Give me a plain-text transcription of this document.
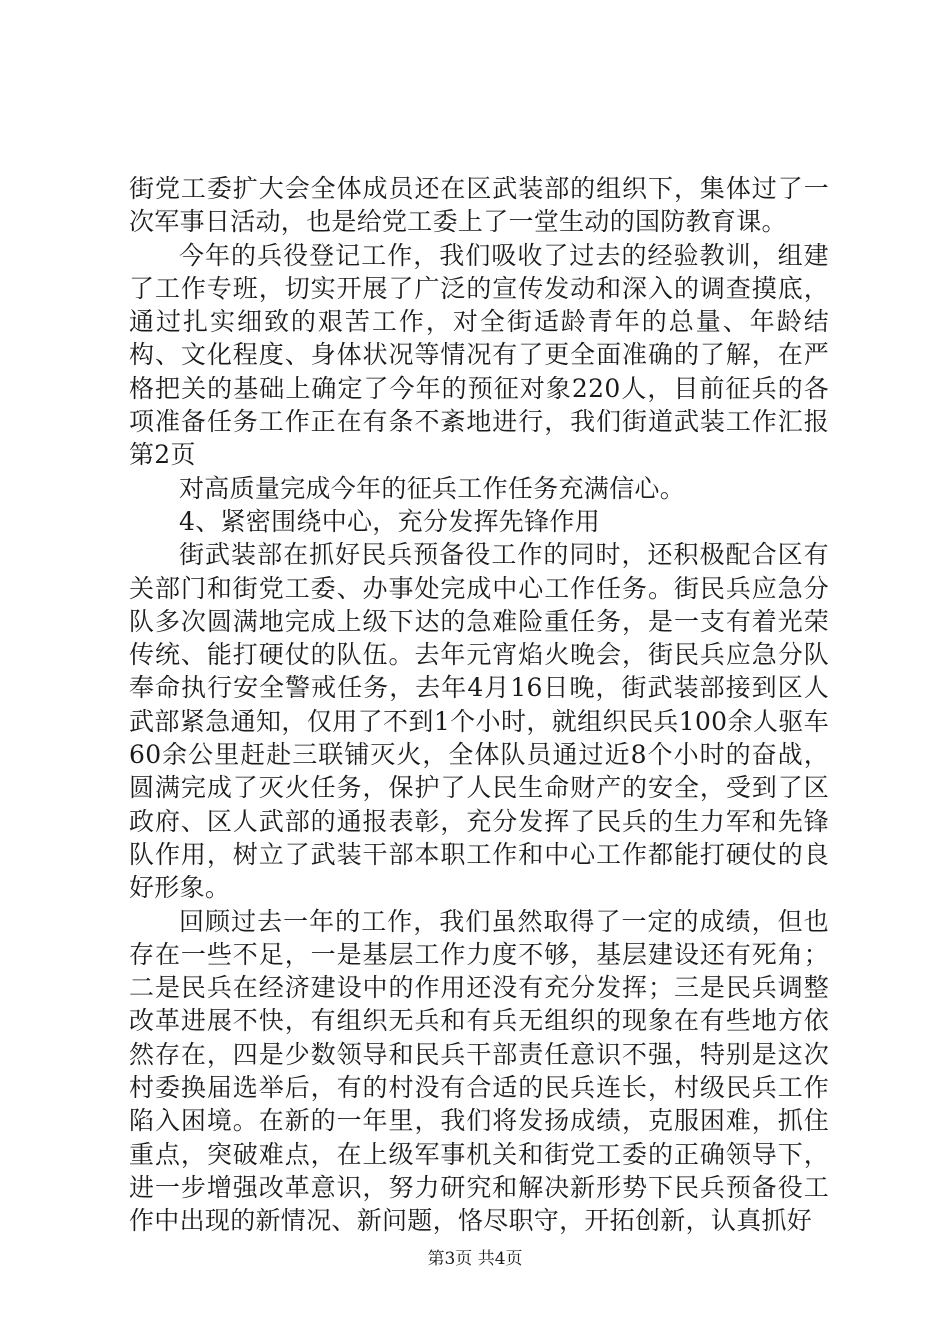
街党工委扩大会全体成员还在区武装部的组织下，集体过了一次军事日活动，也是给党工委上了一堂生动的国防教育课。

今年的兵役登记工作，我们吸收了过去的经验教训，组建了工作专班，切实开展了广泛的宣传发动和深入的调查摸底，通过扎实细致的艰苦工作，对全街适龄青年的总量、年龄结构、文化程度、身体状况等情况有了更全面准确的了解，在严格把关的基础上确定了今年的预征对象220人，目前征兵的各项准备任务工作正在有条不紊地进行，我们街道武装工作汇报第2页

对高质量完成今年的征兵工作任务充满信心。

4、紧密围绕中心，充分发挥先锋作用

街武装部在抓好民兵预备役工作的同时，还积极配合区有关部门和街党工委、办事处完成中心工作任务。街民兵应急分队多次圆满地完成上级下达的急难险重任务，是一支有着光荣传统、能打硬仗的队伍。去年元宵焰火晚会，街民兵应急分队奉命执行安全警戒任务，去年4月16日晚，街武装部接到区人武部紧急通知，仅用了不到1个小时，就组织民兵100余人驱车60余公里赶赴三联铺灭火，全体队员通过近8个小时的奋战，圆满完成了灭火任务，保护了人民生命财产的安全，受到了区政府、区人武部的通报表彰，充分发挥了民兵的生力军和先锋队作用，树立了武装干部本职工作和中心工作都能打硬仗的良好形象。

回顾过去一年的工作，我们虽然取得了一定的成绩，但也存在一些不足，一是基层工作力度不够，基层建设还有死角；二是民兵在经济建设中的作用还没有充分发挥；三是民兵调整改革进展不快，有组织无兵和有兵无组织的现象在有些地方依然存在，四是少数领导和民兵干部责任意识不强，特别是这次村委换届选举后，有的村没有合适的民兵连长，村级民兵工作陷入困境。在新的一年里，我们将发扬成绩，克服困难，抓住重点，突破难点，在上级军事机关和街党工委的正确领导下，进一步增强改革意识，努力研究和解决新形势下民兵预备役工作中出现的新情况、新问题，恪尽职守，开拓创新，认真抓好

第3页 共4页
